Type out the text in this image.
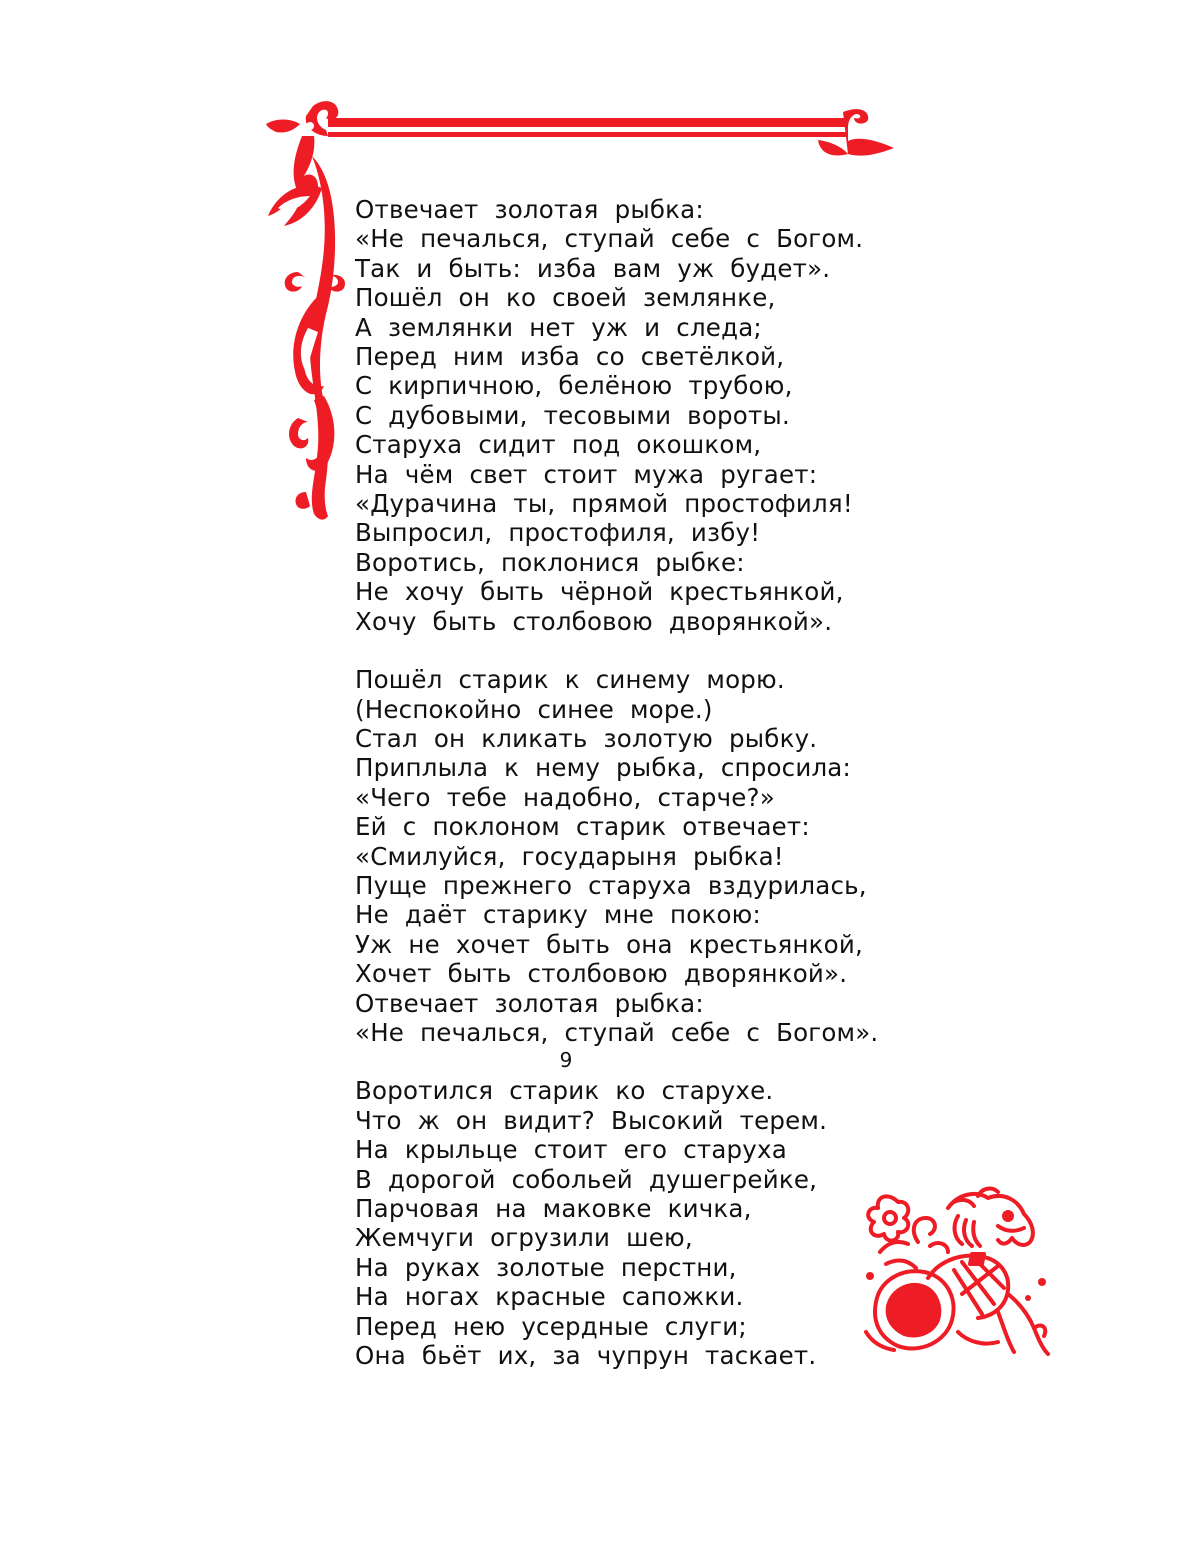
Отвечает золотая рыбка:
«Не печалься, ступай себе с Богом.
Так и быть: изба вам уж будет».
Пошёл он ко своей землянке,
А землянки нет уж и следа;
Перед ним изба со светёлкой,
С кирпичною, белёною трубою,
С дубовыми, тесовыми вороты.
Старуха сидит под окошком,
На чём свет стоит мужа ругает:
«Дурачина ты, прямой простофиля!
Выпросил, простофиля, избу!
Воротись, поклонися рыбке:
Не хочу быть чёрной крестьянкой,
Хочу быть столбовою дворянкой».
Пошёл старик к синему морю.
(Неспокойно синее море.)
Стал он кликать золотую рыбку.
Приплыла к нему рыбка, спросила:
«Чего тебе надобно, старче?»
Ей с поклоном старик отвечает:
«Смилуйся, государыня рыбка!
Пуще прежнего старуха вздурилась,
Не даёт старику мне покою:
Уж не хочет быть она крестьянкой,
Хочет быть столбовою дворянкой».
Отвечает золотая рыбка:
«Не печалься, ступай себе с Богом».
Воротился старик ко старухе.
Что ж он видит? Высокий терем.
На крыльце стоит его старуха
В дорогой собольей душегрейке,
Парчовая на маковке кичка,
Жемчуги огрузили шею,
На руках золотые перстни,
На ногах красные сапожки.
Перед нею усердные слуги;
Она бьёт их, за чупрун таскает.
9
